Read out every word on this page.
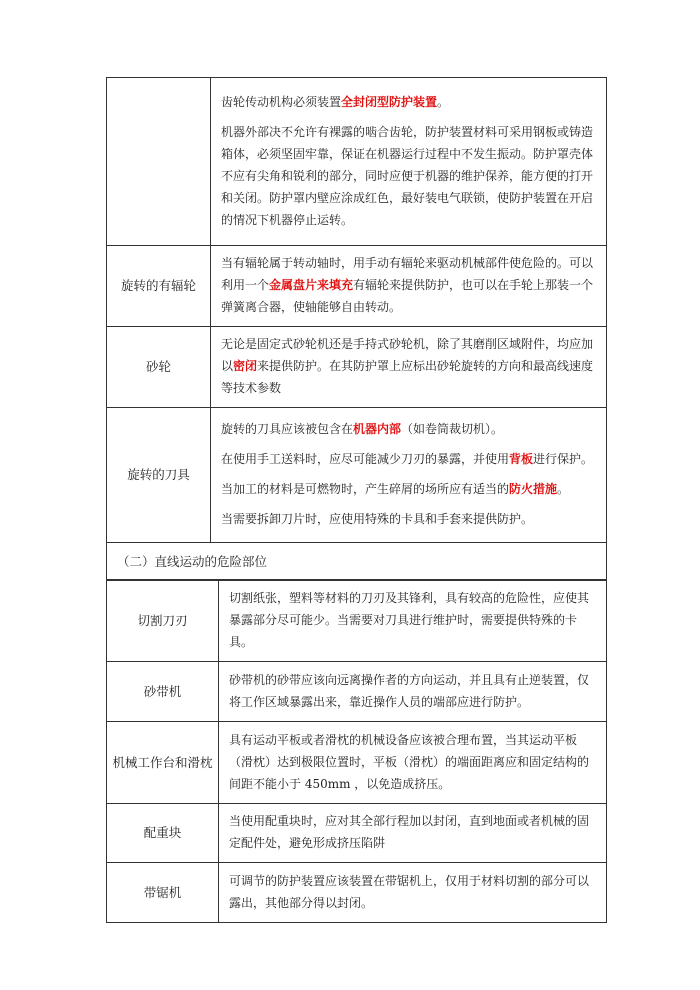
	齿轮传动机构必须装置全封闭型防护装置。

机器外部决不允许有裸露的啮合齿轮，防护装置材料可采用钢板或铸造箱体，必须坚固牢靠，保证在机器运行过程中不发生振动。防护罩壳体不应有尖角和锐利的部分，同时应便于机器的维护保养，能方便的打开和关闭。防护罩内壁应涂成红色，最好装电气联锁，使防护装置在开启的情况下机器停止运转。

旋转的有辐轮	当有辐轮属于转动轴时，用手动有辐轮来驱动机械部件使危险的。可以利用一个金属盘片来填充有辐轮来提供防护，也可以在手轮上那装一个弹簧离合器，使轴能够自由转动。

砂轮	无论是固定式砂轮机还是手持式砂轮机，除了其磨削区域附件，均应加以密闭来提供防护。在其防护罩上应标出砂轮旋转的方向和最高线速度等技术参数

旋转的刀具	旋转的刀具应该被包含在机器内部（如卷筒裁切机）。

在使用手工送料时，应尽可能减少刀刃的暴露，并使用背板进行保护。

当加工的材料是可燃物时，产生碎屑的场所应有适当的防火措施。

当需要拆卸刀片时，应使用特殊的卡具和手套来提供防护。

（二）直线运动的危险部位	
切割刀刃	切割纸张，塑料等材料的刀刃及其锋利，具有较高的危险性，应使其暴露部分尽可能少。当需要对刀具进行维护时，需要提供特殊的卡具。
砂带机	砂带机的砂带应该向远离操作者的方向运动，并且具有止逆装置，仅将工作区域暴露出来，靠近操作人员的端部应进行防护。
机械工作台和滑枕	具有运动平板或者滑枕的机械设备应该被合理布置，当其运动平板（滑枕）达到极限位置时，平板（滑枕）的端面距离应和固定结构的间距不能小于 450mm ，以免造成挤压。
配重块	当使用配重块时，应对其全部行程加以封闭，直到地面或者机械的固定配件处，避免形成挤压陷阱
带锯机	可调节的防护装置应该装置在带锯机上，仅用于材料切割的部分可以露出，其他部分得以封闭。
